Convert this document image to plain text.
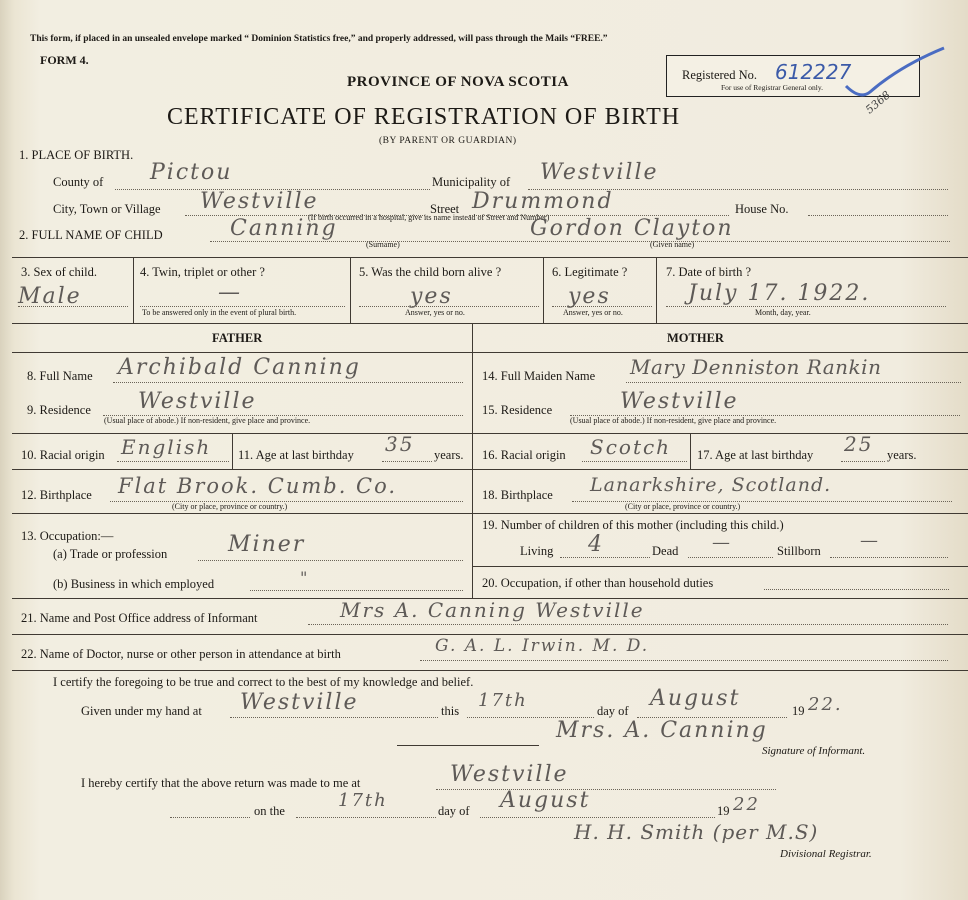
This form, if placed in an unsealed envelope marked “ Dominion Statistics free,” and properly addressed, will pass through the Mails “FREE.”
FORM 4.
PROVINCE OF NOVA SCOTIA
CERTIFICATE OF REGISTRATION OF BIRTH
(BY PARENT OR GUARDIAN)
Registered No. 612227
For use of Registrar General only.
5368
1. PLACE OF BIRTH.
County of Pictou	Municipality of Westville
City, Town or Village Westville	Street Drummond	House No.
(If birth occurred in a hospital, give its name instead of Street and Number)
2. FULL NAME OF CHILD	Canning
(Surname)
Gordon Clayton
(Given name)
3. Sex of child.
Male
4. Twin, triplet or other ?
—
To be answered only in the event of plural birth.
5. Was the child born alive ?
yes
Answer, yes or no.
6. Legitimate ?
yes
Answer, yes or no.
7. Date of birth ?
July 17. 1922.
Month, day, year.
FATHER	MOTHER
8. Full Name Archibald Canning
9. Residence Westville
(Usual place of abode.) If non-resident, give place and province.
10. Racial origin English 11. Age at last birthday 35 years.
12. Birthplace Flat Brook. Cumb. Co.
(City or place, province or country.)
13. Occupation:—
(a) Trade or profession	Miner
(b) Business in which employed	"
14. Full Maiden Name Mary Denniston Rankin
15. Residence	Westville
(Usual place of abode.) If non-resident, give place and province.
16. Racial origin Scotch 17. Age at last birthday 25 years.
18. Birthplace Lanarkshire, Scotland.
(City or place, province or country.)
19. Number of children of this mother (including this child.)
Living 4	Dead —	Stillborn —
20. Occupation, if other than household duties
21. Name and Post Office address of Informant	Mrs A. Canning Westville
22. Name of Doctor, nurse or other person in attendance at birth	G. A. L. Irwin. M. D.
I certify the foregoing to be true and correct to the best of my knowledge and belief.
Given under my hand at Westville	this 17th	day of August	19 22.
Mrs. A. Canning
Signature of Informant.
I hereby certify that the above return was made to me at	Westville
on the	17th	day of August	19 22
H. H. Smith (per M.S)
Divisional Registrar.
